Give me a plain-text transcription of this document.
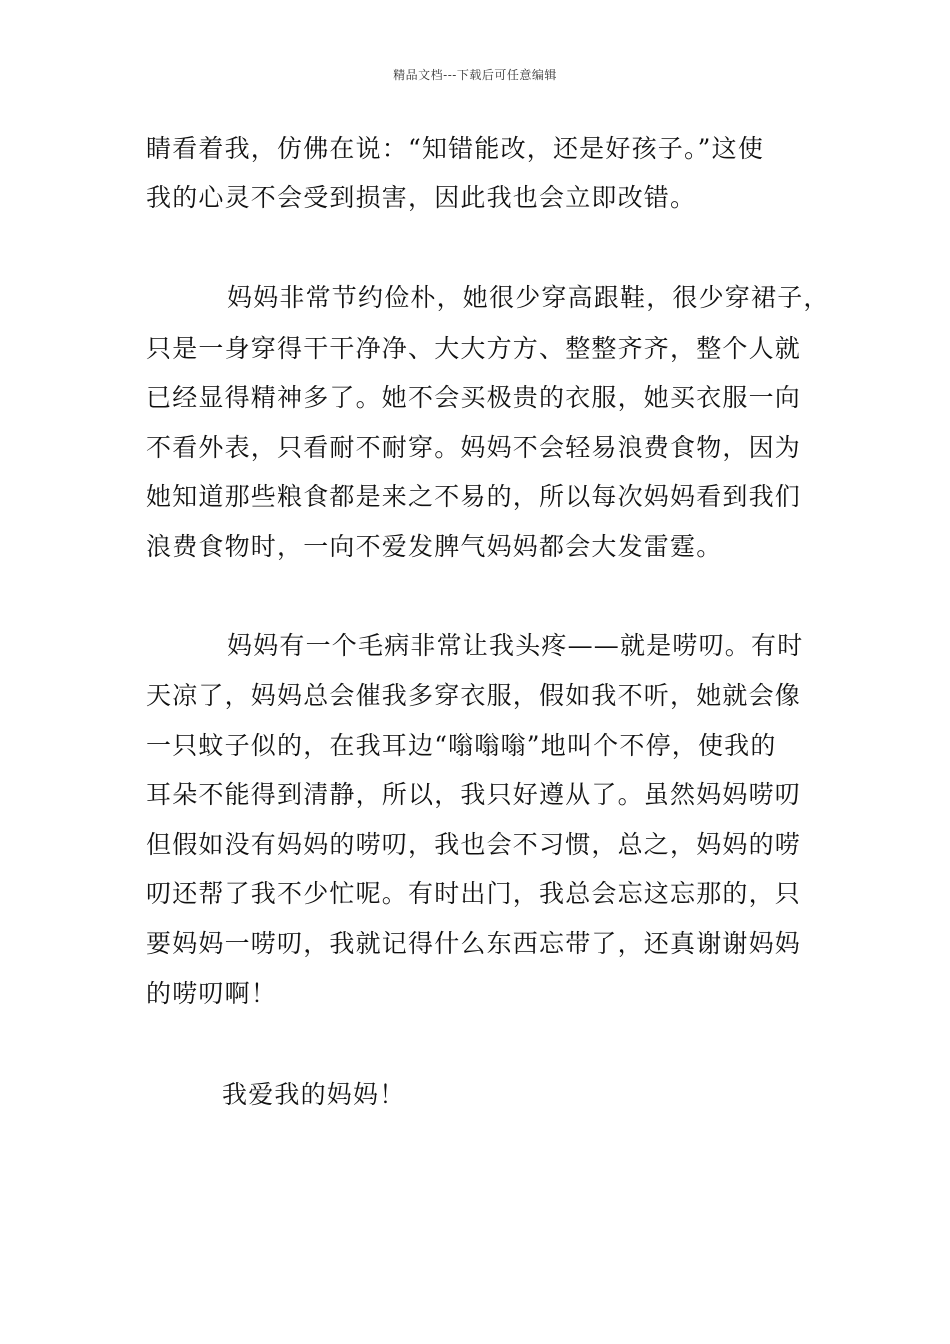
精品文档---下载后可任意编辑
睛看着我，仿佛在说：“知错能改，还是好孩子。”这使
我的心灵不会受到损害，因此我也会立即改错。
妈妈非常节约俭朴，她很少穿高跟鞋，很少穿裙子，
只是一身穿得干干净净、大大方方、整整齐齐，整个人就
已经显得精神多了。她不会买极贵的衣服，她买衣服一向
不看外表，只看耐不耐穿。妈妈不会轻易浪费食物，因为
她知道那些粮食都是来之不易的，所以每次妈妈看到我们
浪费食物时，一向不爱发脾气妈妈都会大发雷霆。
妈妈有一个毛病非常让我头疼——就是唠叨。有时
天凉了，妈妈总会催我多穿衣服，假如我不听，她就会像
一只蚊子似的，在我耳边“嗡嗡嗡”地叫个不停，使我的
耳朵不能得到清静，所以，我只好遵从了。虽然妈妈唠叨
但假如没有妈妈的唠叨，我也会不习惯，总之，妈妈的唠
叨还帮了我不少忙呢。有时出门，我总会忘这忘那的，只
要妈妈一唠叨，我就记得什么东西忘带了，还真谢谢妈妈
的唠叨啊！
我爱我的妈妈！
